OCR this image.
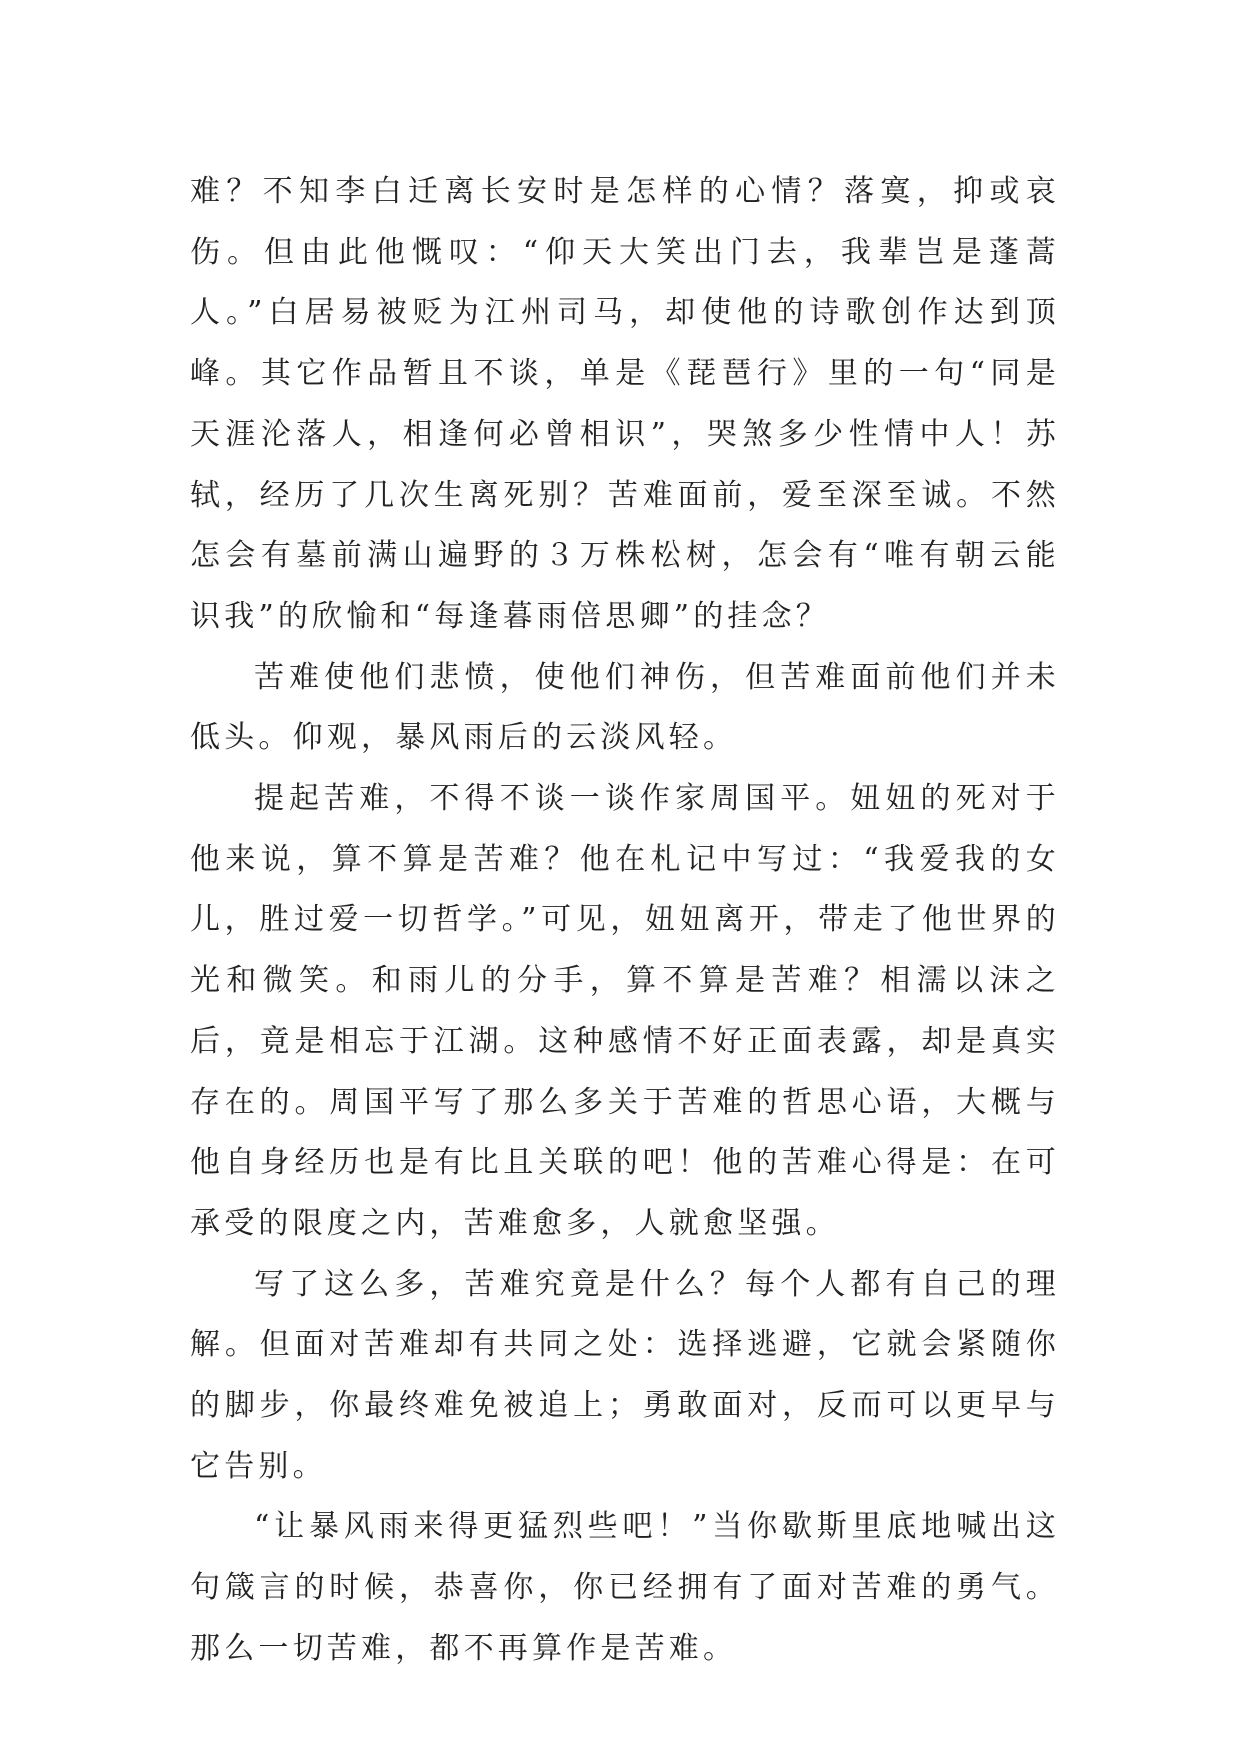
难？不知李白迁离长安时是怎样的心情？落寞，抑或哀伤。但由此他慨叹：“仰天大笑出门去，我辈岂是蓬蒿人。”白居易被贬为江州司马，却使他的诗歌创作达到顶峰。其它作品暂且不谈，单是《琵琶行》里的一句“同是天涯沦落人，相逢何必曾相识”，哭煞多少性情中人！苏轼，经历了几次生离死别？苦难面前，爱至深至诚。不然怎会有墓前满山遍野的３万株松树，怎会有“唯有朝云能识我”的欣愉和“每逢暮雨倍思卿”的挂念？

苦难使他们悲愤，使他们神伤，但苦难面前他们并未低头。仰观，暴风雨后的云淡风轻。

提起苦难，不得不谈一谈作家周国平。妞妞的死对于他来说，算不算是苦难？他在札记中写过：“我爱我的女儿，胜过爱一切哲学。”可见，妞妞离开，带走了他世界的光和微笑。和雨儿的分手，算不算是苦难？相濡以沫之后，竟是相忘于江湖。这种感情不好正面表露，却是真实存在的。周国平写了那么多关于苦难的哲思心语，大概与他自身经历也是有比且关联的吧！他的苦难心得是：在可承受的限度之内，苦难愈多，人就愈坚强。

写了这么多，苦难究竟是什么？每个人都有自己的理解。但面对苦难却有共同之处：选择逃避，它就会紧随你的脚步，你最终难免被追上；勇敢面对，反而可以更早与它告别。

“让暴风雨来得更猛烈些吧！”当你歇斯里底地喊出这句箴言的时候，恭喜你，你已经拥有了面对苦难的勇气。那么一切苦难，都不再算作是苦难。
